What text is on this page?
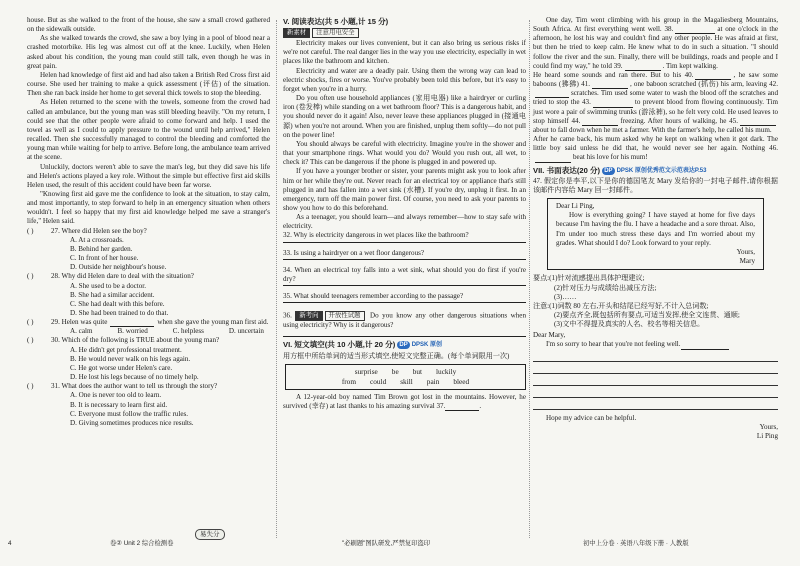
house. But as she walked to the front of the house, she saw a small crowd gathered on the sidewalk outside.
As she walked towards the crowd, she saw a boy lying in a pool of blood near a crashed motorbike. His leg was almost cut off at the knee. Luckily, when Helen asked about his condition, the young man could still talk, even though he was in great pain.
Helen had knowledge of first aid and had also taken a British Red Cross first aid course. She used her training to make a quick assessment (评估) of the situation. Then she ran back inside her home to get several thick towels to stop the bleeding.
As Helen returned to the scene with the towels, someone from the crowd had called an ambulance, but the young man was still bleeding heavily. "On my return, I could see that the other people were afraid to come forward and help. I used the towel as well as I could to apply pressure to the wound until help arrived," Helen recalled. Then she successfully managed to control the bleeding and comforted the young man while waiting for help to arrive. Before long, the ambulance team arrived at the scene.
Unluckily, doctors weren't able to save the man's leg, but they did save his life and Helen's actions played a key role. Without the simple but effective first aid skills Helen used, the result of this accident could have been far worse.
"Knowing first aid gave me the confidence to look at the situation, to stay calm, and most importantly, to step forward to help in an emergency situation when others wouldn't. I feel so happy that my first aid knowledge helped me save a stranger's life," Helen said.
( ) 27. Where did Helen see the boy?
A. At a crossroads.
B. Behind her garden.
C. In front of her house.
D. Outside her neighbour's house.
( ) 28. Why did Helen dare to deal with the situation?
A. She used to be a doctor.
B. She had a similar accident.
C. She had dealt with this before.
D. She had been trained to do that.
( ) 29. Helen was quite	when she gave the young man first aid.
A. calm	B. worried	C. helpless	D. uncertain
( ) 30. Which of the following is TRUE about the young man?
A. He didn't get professional treatment.
B. He would never walk on his legs again.
C. He got worse under Helen's care.
D. He lost his legs because of no timely help.
( ) 31. What does the author want to tell us through the story?
A. One is never too old to learn.
B. It is necessary to learn first aid.
C. Everyone must follow the traffic rules.
D. Giving sometimes produces nice results.
易失分
V. 阅读表达(共 5 小题,计 15 分)
新素材 注意用电安全
Electricity makes our lives convenient, but it can also bring us serious risks if we're not careful. The real danger lies in the way you use electricity, especially in wet places like the bathroom and kitchen.
Electricity and water are a deadly pair. Using them the wrong way can lead to electric shocks, fires or worse. You've probably been told this before, but it's easy to forget when you're in a hurry.
Do you often use household appliances (家用电器) like a hairdryer or curling iron (卷发棒) while standing on a wet bathroom floor? This is a dangerous habit, and you should never do it again! Also, never leave these appliances plugged in (接通电源) when you're not around. When you are finished, unplug them softly—do not pull on the power line!
You should always be careful with electricity. Imagine you're in the shower and that your smartphone rings. What would you do? Would you rush out, all wet, to check it? This can be dangerous if the phone is plugged in and powered up.
If you have a younger brother or sister, your parents might ask you to look after him or her while they're out. Never reach for an electrical toy or appliance that's still plugged in and has fallen into a wet sink (水槽). If you're dry, unplug it first. In an emergency, turn off the main power first. Of course, you need to ask your parents to show you how to do this beforehand.
As a teenager, you should learn—and always remember—how to stay safe with electricity.
32. Why is electricity dangerous in wet places like the bathroom?
33. Is using a hairdryer on a wet floor dangerous?
34. When an electrical toy falls into a wet sink, what should you do first if you're dry?
35. What should teenagers remember according to the passage?
36. 新考向 开放性试题 Do you know any other dangerous situations when using electricity? Why is it dangerous?
VI. 短文填空(共 10 小题,计 20 分) DP DPSK 原创
用方框中所给单词的适当形式填空,使短文完整正确。(每个单词限用一次)
surprise be but luckily
from could skill pain bleed
A 12-year-old boy named Tim Brown got lost in the mountains. However, he survived (幸存) at last thanks to his amazing survival 37.	.
One day, Tim went climbing with his group in the Magaliesberg Mountains, South Africa. At first everything went well. 38.	at one o'clock in the afternoon, he lost his way and couldn't find any other people. He was afraid at first, but then he tried to keep calm. He knew what to do in such a situation. "I should follow the river and the sun. Finally, there will be buildings, roads and people and I could find my way," he told 39.	. Tim kept walking.
He heard some sounds and ran there. But to his 40.	, he saw some baboons (狒狒) 41.	, one baboon scratched (抓伤) his arm, leaving 42.scratches. Tim used some water to wash the blood off the scratches and tried to stop the 43.	to prevent blood from flowing continuously. Tim just wore a pair of swimming trunks (游泳裤), so he felt very cold. He used leaves to stop himself 44.	freezing. After hours of walking, he 45.about to fall down when he met a farmer. With the farmer's help, he called his mum.
After he came back, his mum asked why he kept on walking when it got dark. The little boy said unless he did that, he would never see her again. Nothing 46.beat his love for his mum!
VII. 书面表达(20 分) DP DPSK 原创优秀范文示范表达P.53
47. 假定你是李平,以下是你的德国笔友 Mary 发给你的一封电子邮件,请你根据该邮件内容给 Mary 回一封邮件。
Dear Li Ping,
How is everything going? I have stayed at home for five days because I'm having the flu. I have a headache and a sore throat. Also, I'm under too much stress these days and I'm worried about my grades. What should I do? Look forward to your reply.
Yours,
Mary
要点:(1)针对流感提出具体护理建议;
(2)针对压力与成绩给出减压方法;
(3)……
注意:(1)词数 80 左右,开头和结尾已经写好,不计入总词数;
(2)要点齐全,既包括所有要点,可适当发挥,使全文连贯、通顺;
(3)文中不得提及真实的人名、校名等相关信息。
Dear Mary,
I'm so sorry to hear that you're not feeling well.
Hope my advice can be helpful.
Yours,
Li Ping
4	卷② Unit 2 综合检测卷	"必刷题"图队研发,严禁复印盗印	初中上分卷 · 英语八年级下册 · 人教版
